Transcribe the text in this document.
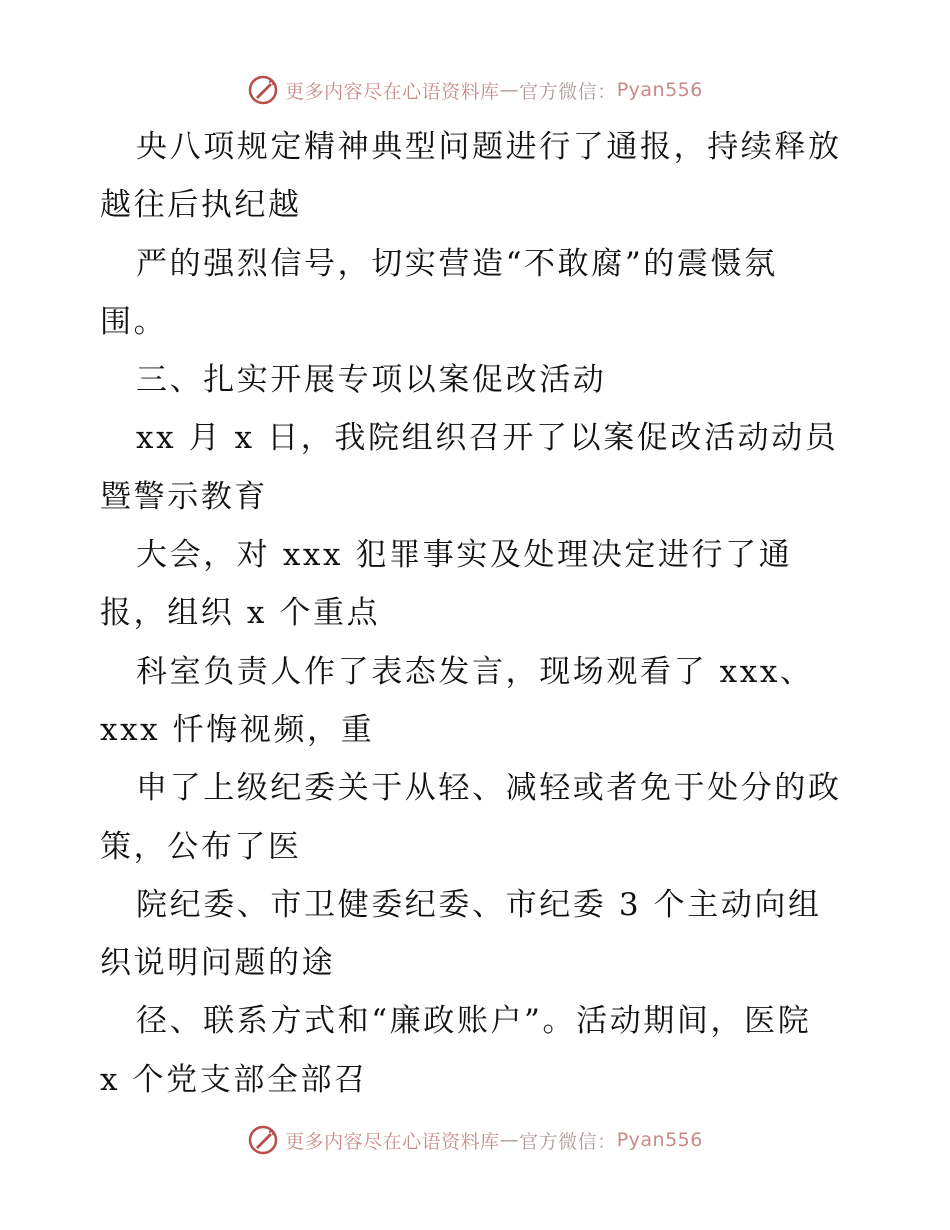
更多内容尽在心语资料库 — 官方微信： Pyan556
央八项规定精神典型问题进行了通报，持续释放
越往后执纪越
严的强烈信号，切实营造“不敢腐”的震慑氛
围。
三、扎实开展专项以案促改活动
xx 月 x 日，我院组织召开了以案促改活动动员
暨警示教育
大会，对 xxx 犯罪事实及处理决定进行了通
报，组织 x 个重点
科室负责人作了表态发言，现场观看了 xxx、
xxx 忏悔视频，重
申了上级纪委关于从轻、减轻或者免于处分的政
策，公布了医
院纪委、市卫健委纪委、市纪委 3 个主动向组
织说明问题的途
径、联系方式和“廉政账户”。活动期间，医院
x 个党支部全部召
更多内容尽在心语资料库 — 官方微信： Pyan556
